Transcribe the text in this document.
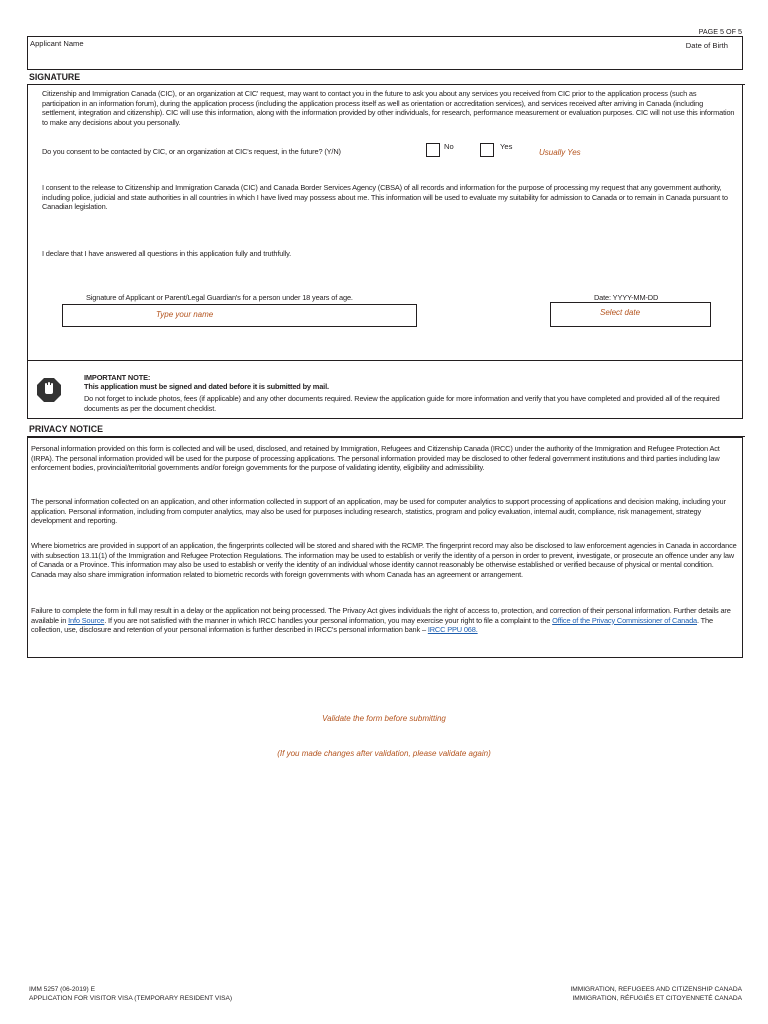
PAGE 5 OF 5
Applicant Name	Date of Birth
SIGNATURE
Citizenship and Immigration Canada (CIC), or an organization at CIC' request, may want to contact you in the future to ask you about any services you received from CIC prior to the application process (such as participation in an information forum), during the application process (including the application process itself as well as orientation or accreditation services), and services received after arriving in Canada (including settlement, integration and citizenship). CIC will use this information, along with the information provided by other individuals, for research, performance measurement or evaluation purposes. CIC will not use this information to make any decisions about you personally.
Do you consent to be contacted by CIC, or an organization at CIC's request, in the future? (Y/N)
No	Yes
Usually Yes
I consent to the release to Citizenship and Immigration Canada (CIC) and Canada Border Services Agency (CBSA) of all records and information for the purpose of processing my request that any government authority, including police, judicial and state authorities in all countries in which I have lived may possess about me. This information will be used to evaluate my suitability for admission to Canada or to remain in Canada pursuant to Canadian legislation.
I declare that I have answered all questions in this application fully and truthfully.
Signature of Applicant or Parent/Legal Guardian's for a person under 18 years of age.
Type your name
Date: YYYY-MM-DD
Select date
IMPORTANT NOTE:
This application must be signed and dated before it is submitted by mail.
Do not forget to include photos, fees (if applicable) and any other documents required. Review the application guide for more information and verify that you have completed and provided all of the required documents as per the document checklist.
PRIVACY NOTICE
Personal information provided on this form is collected and will be used, disclosed, and retained by Immigration, Refugees and Citizenship Canada (IRCC) under the authority of the Immigration and Refugee Protection Act (IRPA). The personal information provided will be used for the purpose of processing applications. The personal information provided may be disclosed to other federal government institutions and third parties including law enforcement bodies, provincial/territorial governments and/or foreign governments for the purpose of validating identity, eligibility and admissibility.
The personal information collected on an application, and other information collected in support of an application, may be used for computer analytics to support processing of applications and decision making, including your application. Personal information, including from computer analytics, may also be used for purposes including research, statistics, program and policy evaluation, internal audit, compliance, risk management, strategy development and reporting.
Where biometrics are provided in support of an application, the fingerprints collected will be stored and shared with the RCMP. The fingerprint record may also be disclosed to law enforcement agencies in Canada in accordance with subsection 13.11(1) of the Immigration and Refugee Protection Regulations. The information may be used to establish or verify the identity of a person in order to prevent, investigate, or prosecute an offence under any law of Canada or a Province. This information may also be used to establish or verify the identity of an individual whose identity cannot reasonably be otherwise established or verified because of physical or mental condition. Canada may also share immigration information related to biometric records with foreign governments with whom Canada has an agreement or arrangement.
Failure to complete the form in full may result in a delay or the application not being processed. The Privacy Act gives individuals the right of access to, protection, and correction of their personal information. Further details are available in Info Source. If you are not satisfied with the manner in which IRCC handles your personal information, you may exercise your right to file a complaint to the Office of the Privacy Commissioner of Canada. The collection, use, disclosure and retention of your personal information is further described in IRCC's personal information bank – IRCC PPU 068.
Validate the form before submitting
(If you made changes after validation, please validate again)
IMM 5257 (06-2019) E
APPLICATION FOR VISITOR VISA (TEMPORARY RESIDENT VISA)
IMMIGRATION, REFUGEES AND CITIZENSHIP CANADA
IMMIGRATION, RÉFUGIÉS ET CITOYENNETÉ CANADA
